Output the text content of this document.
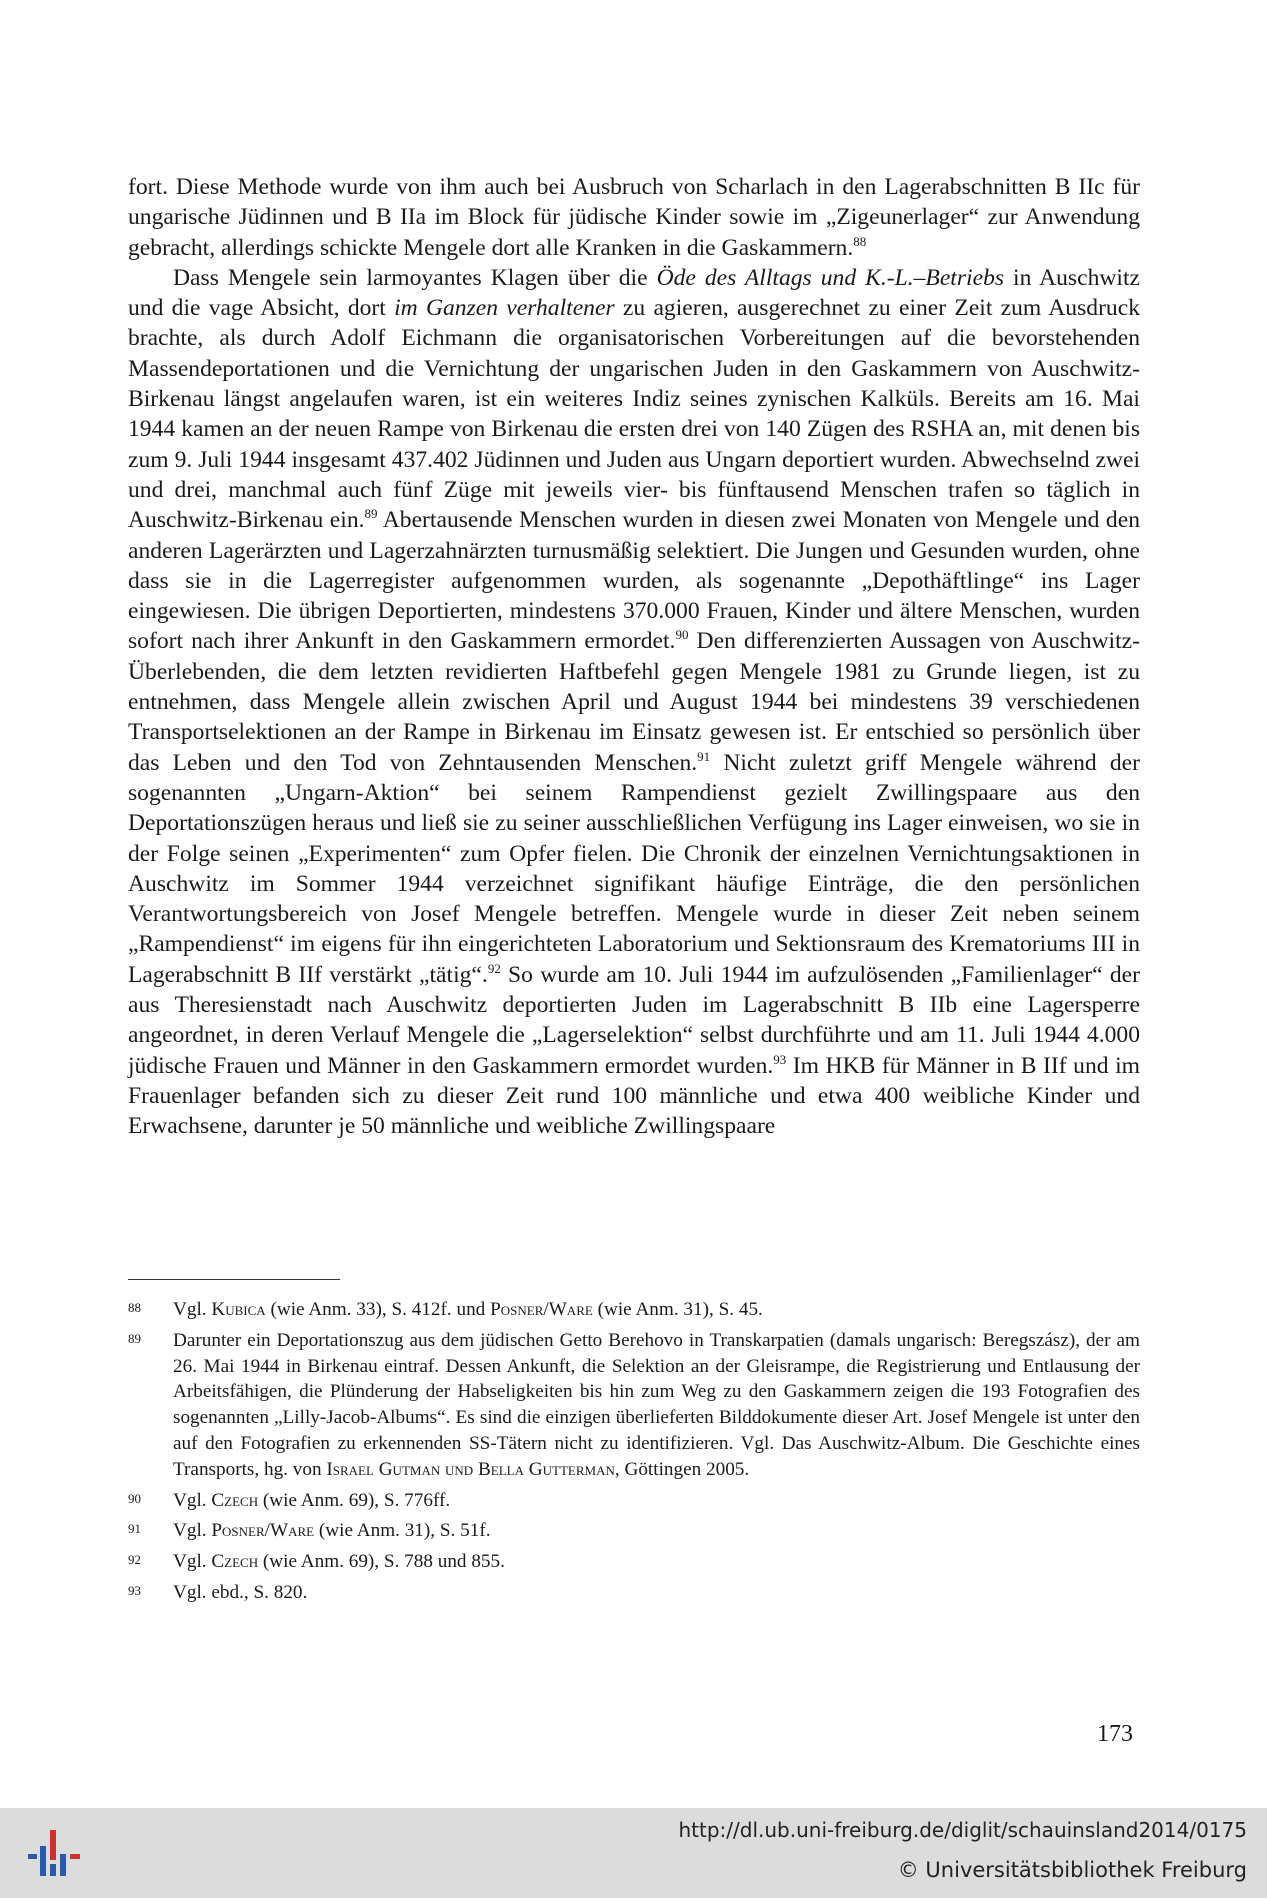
fort. Diese Methode wurde von ihm auch bei Ausbruch von Scharlach in den Lagerabschnitten B IIc für ungarische Jüdinnen und B IIa im Block für jüdische Kinder sowie im „Zigeunerlager“ zur Anwendung gebracht, allerdings schickte Mengele dort alle Kranken in die Gaskammern.$^{88}$

Dass Mengele sein larmoyantes Klagen über die Öde des Alltags und K.-L.–Betriebs in Auschwitz und die vage Absicht, dort im Ganzen verhaltener zu agieren, ausgerechnet zu einer Zeit zum Ausdruck brachte, als durch Adolf Eichmann die organisatorischen Vorbereitungen auf die bevorstehenden Massendeportationen und die Vernichtung der ungarischen Juden in den Gaskammern von Auschwitz-Birkenau längst angelaufen waren, ist ein weiteres Indiz seines zynischen Kalküls. Bereits am 16. Mai 1944 kamen an der neuen Rampe von Birkenau die ersten drei von 140 Zügen des RSHA an, mit denen bis zum 9. Juli 1944 insgesamt 437.402 Jüdinnen und Juden aus Ungarn deportiert wurden. Abwechselnd zwei und drei, manchmal auch fünf Züge mit jeweils vier- bis fünftausend Menschen trafen so täglich in Auschwitz-Birkenau ein.$^{89}$ Abertausende Menschen wurden in diesen zwei Monaten von Mengele und den anderen Lagerärzten und Lagerzahnärzten turnusmäßig selektiert. Die Jungen und Gesunden wurden, ohne dass sie in die Lagerregister aufgenommen wurden, als sogenannte „Depothäftlinge“ ins Lager eingewiesen. Die übrigen Deportierten, mindestens 370.000 Frauen, Kinder und ältere Menschen, wurden sofort nach ihrer Ankunft in den Gaskammern ermordet.$^{90}$ Den differenzierten Aussagen von Auschwitz-Überlebenden, die dem letzten revidierten Haftbefehl gegen Mengele 1981 zu Grunde liegen, ist zu entnehmen, dass Mengele allein zwischen April und August 1944 bei mindestens 39 verschiedenen Transportselektionen an der Rampe in Birkenau im Einsatz gewesen ist. Er entschied so persönlich über das Leben und den Tod von Zehntausenden Menschen.$^{91}$ Nicht zuletzt griff Mengele während der sogenannten „Ungarn-Aktion“ bei seinem Rampendienst gezielt Zwillingspaare aus den Deportationszügen heraus und ließ sie zu seiner ausschließlichen Verfügung ins Lager einweisen, wo sie in der Folge seinen „Experimenten“ zum Opfer fielen. Die Chronik der einzelnen Vernichtungsaktionen in Auschwitz im Sommer 1944 verzeichnet signifikant häufige Einträge, die den persönlichen Verantwortungsbereich von Josef Mengele betreffen. Mengele wurde in dieser Zeit neben seinem „Rampendienst“ im eigens für ihn eingerichteten Laboratorium und Sektionsraum des Krematoriums III in Lagerabschnitt B IIf verstärkt „tätig“.$^{92}$ So wurde am 10. Juli 1944 im aufzulösenden „Familienlager“ der aus Theresienstadt nach Auschwitz deportierten Juden im Lagerabschnitt B IIb eine Lagersperre angeordnet, in deren Verlauf Mengele die „Lagerselektion“ selbst durchführte und am 11. Juli 1944 4.000 jüdische Frauen und Männer in den Gaskammern ermordet wurden.$^{93}$ Im HKB für Männer in B IIf und im Frauenlager befanden sich zu dieser Zeit rund 100 männliche und etwa 400 weibliche Kinder und Erwachsene, darunter je 50 männliche und weibliche Zwillingspaare

88 Vgl. Kubica (wie Anm. 33), S. 412f. und Posner/Ware (wie Anm. 31), S. 45.
89 Darunter ein Deportationszug aus dem jüdischen Getto Berehovo in Transkarpatien (damals ungarisch: Beregszász), der am 26. Mai 1944 in Birkenau eintraf. Dessen Ankunft, die Selektion an der Gleisrampe, die Registrierung und Entlausung der Arbeitsfähigen, die Plünderung der Habseligkeiten bis hin zum Weg zu den Gaskammern zeigen die 193 Fotografien des sogenannten „Lilly-Jacob-Albums“. Es sind die einzigen überlieferten Bilddokumente dieser Art. Josef Mengele ist unter den auf den Fotografien zu erkennenden SS-Tätern nicht zu identifizieren. Vgl. Das Auschwitz-Album. Die Geschichte eines Transports, hg. von Israel Gutman und Bella Gutterman, Göttingen 2005.
90 Vgl. Czech (wie Anm. 69), S. 776ff.
91 Vgl. Posner/Ware (wie Anm. 31), S. 51f.
92 Vgl. Czech (wie Anm. 69), S. 788 und 855.
93 Vgl. ebd., S. 820.
173
http://dl.ub.uni-freiburg.de/diglit/schauinsland2014/0175
© Universitätsbibliothek Freiburg
